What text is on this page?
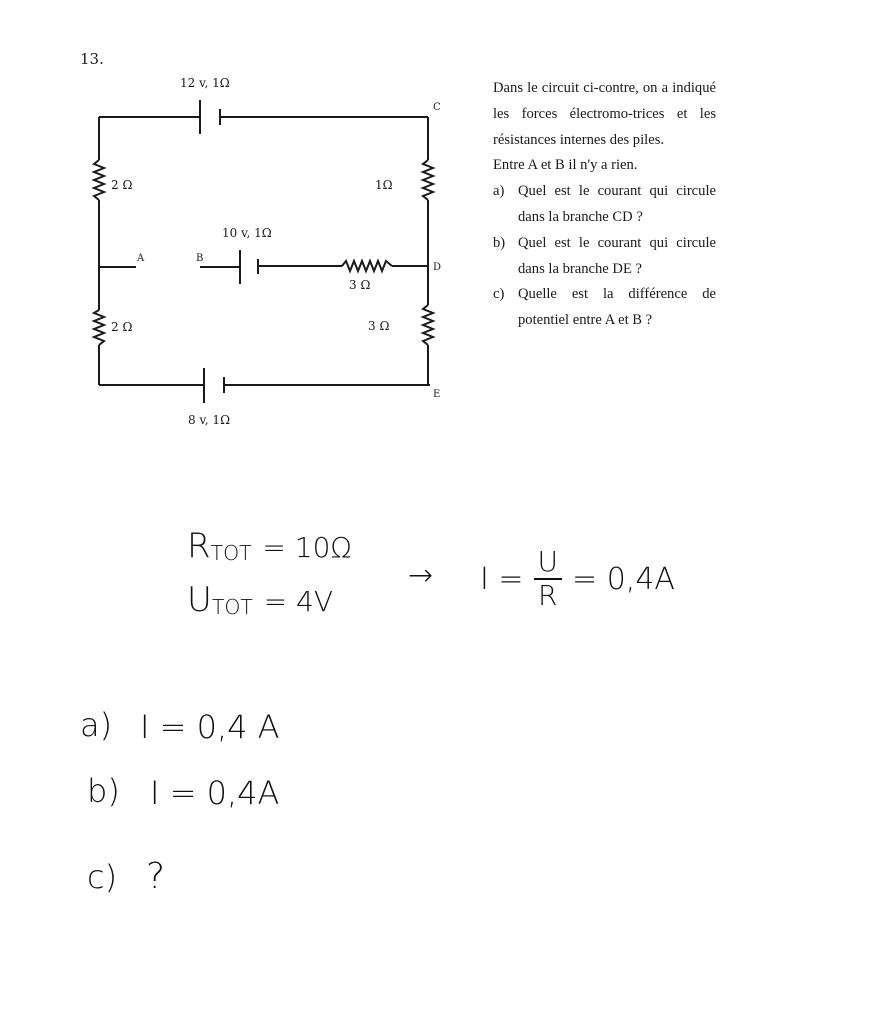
13.
12 v, 1Ω
10 v, 1Ω
8 v, 1Ω
2 Ω
2 Ω
1Ω
3 Ω
3 Ω
C
D
E
A	B

Dans le circuit ci-contre, on a indiqué les forces électromo-trices et les résistances internes des piles.

Entre A et B il n'y a rien.

a) Quel est le courant qui circule dans la branche CD ?
b) Quel est le courant qui circule dans la branche DE ?
c) Quelle est la différence de potentiel entre A et B ?
$R_{TOT} = 10\Omega$
$U_{TOT} = 4V$
→ $I = \frac{U}{R} = 0,4A$
a) I = 0,4 A
b) I = 0,4A
c) ?
